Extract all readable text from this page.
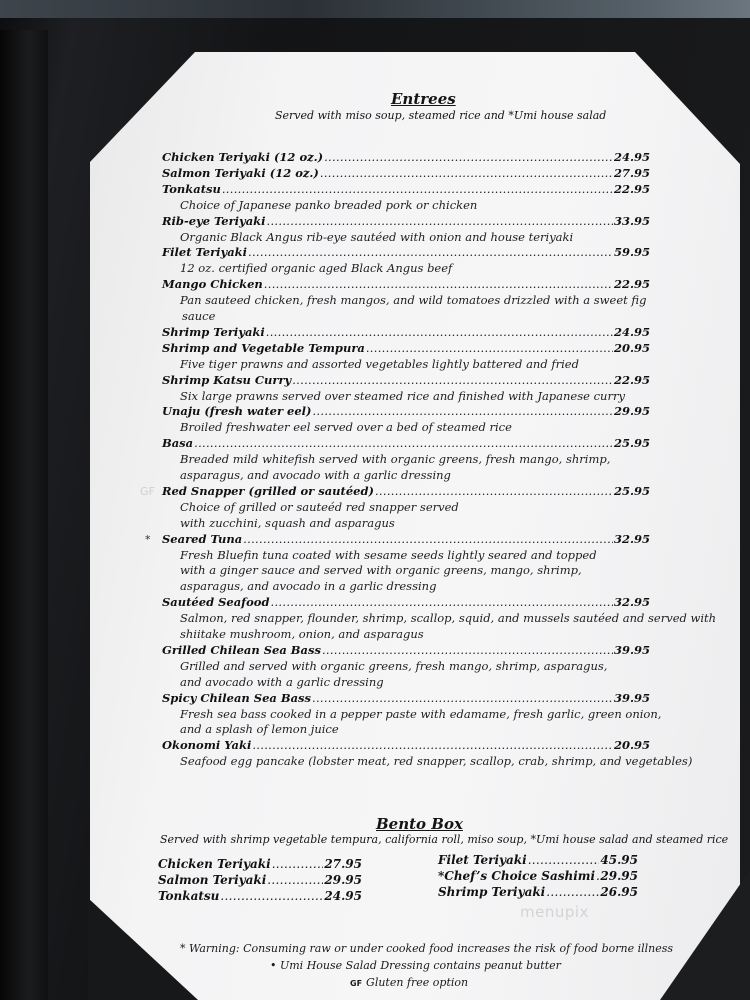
Entrees
Served with miso soup, steamed rice and *Umi house salad
Chicken Teriyaki (12 oz.) .....	24.95
Salmon Teriyaki (12 oz.) .....	27.95
Tonkatsu .....	22.95
Choice of Japanese panko breaded pork or chicken
Rib-eye Teriyaki .....	33.95
Organic Black Angus rib-eye sautéed with onion and house teriyaki
Filet Teriyaki .....	59.95
12 oz. certified organic aged Black Angus beef
Mango Chicken .....	22.95
Pan sauteed chicken, fresh mangos, and wild tomatoes drizzled with a sweet fig
sauce
Shrimp Teriyaki .....	24.95
Shrimp and Vegetable Tempura .....	20.95
Five tiger prawns and assorted vegetables lightly battered and fried
Shrimp Katsu Curry .....	22.95
Six large prawns served over steamed rice and finished with Japanese curry
Unaju (fresh water eel) .....	29.95
Broiled freshwater eel served over a bed of steamed rice
Basa .....	25.95
Breaded mild whitefish served with organic greens, fresh mango, shrimp,
asparagus, and avocado with a garlic dressing
GF Red Snapper (grilled or sautéed) .....	25.95
Choice of grilled or sauteéd red snapper served
with zucchini, squash and asparagus
* Seared Tuna .....	32.95
Fresh Bluefin tuna coated with sesame seeds lightly seared and topped
with a ginger sauce and served with organic greens, mango, shrimp,
asparagus, and avocado in a garlic dressing
Sautéed Seafood .....	32.95
Salmon, red snapper, flounder, shrimp, scallop, squid, and mussels sautéed and served with
shiitake mushroom, onion, and asparagus
Grilled Chilean Sea Bass .....	39.95
Grilled and served with organic greens, fresh mango, shrimp, asparagus,
and avocado with a garlic dressing
Spicy Chilean Sea Bass .....	39.95
Fresh sea bass cooked in a pepper paste with edamame, fresh garlic, green onion,
and a splash of lemon juice
Okonomi Yaki .....	20.95
Seafood egg pancake (lobster meat, red snapper, scallop, crab, shrimp, and vegetables)
Bento Box
Served with shrimp vegetable tempura, california roll, miso soup, *Umi house salad and steamed rice
Chicken Teriyaki .....	27.95
Salmon Teriyaki .....	29.95
Tonkatsu .....	24.95
Filet Teriyaki .....	45.95
*Chef’s Choice Sashimi ..... 29.95
Shrimp Teriyaki .....	26.95
menupix
* Warning: Consuming raw or under cooked food increases the risk of food borne illness
• Umi House Salad Dressing contains peanut butter
GF Gluten free option
